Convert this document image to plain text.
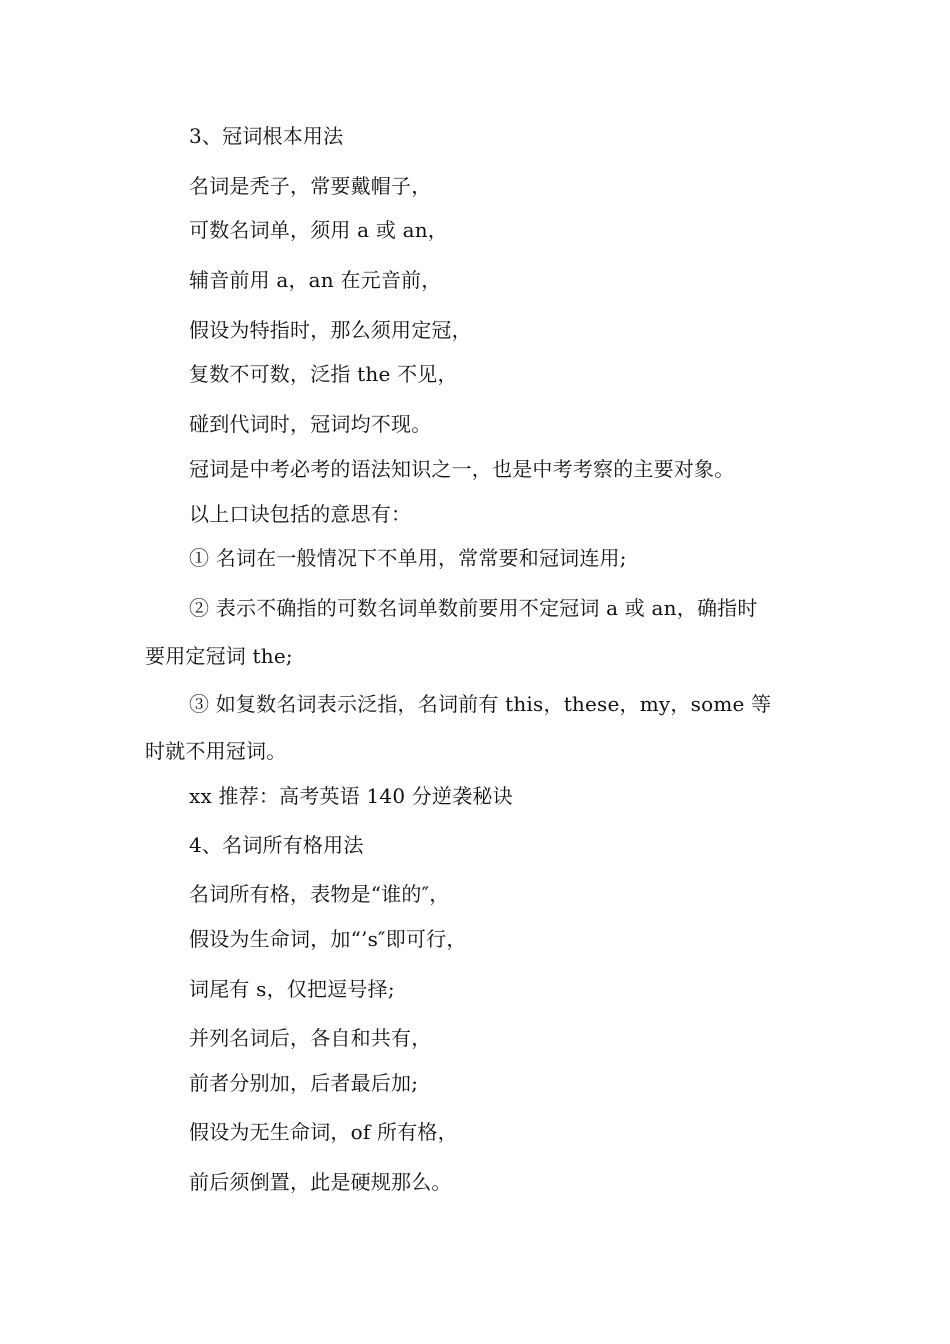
3、冠词根本用法
名词是秃子，常要戴帽子，
可数名词单，须用 a 或 an，
辅音前用 a，an 在元音前，
假设为特指时，那么须用定冠，
复数不可数，泛指 the 不见，
碰到代词时，冠词均不现。
冠词是中考必考的语法知识之一，也是中考考察的主要对象。
以上口诀包括的意思有：
① 名词在一般情况下不单用，常常要和冠词连用;
② 表示不确指的可数名词单数前要用不定冠词 a 或 an，确指时
要用定冠词 the;
③ 如复数名词表示泛指，名词前有 this，these，my，some 等
时就不用冠词。
xx 推荐：高考英语 140 分逆袭秘诀
4、名词所有格用法
名词所有格，表物是“谁的″，
假设为生命词，加“’s″即可行，
词尾有 s，仅把逗号择;
并列名词后，各自和共有，
前者分别加，后者最后加;
假设为无生命词，of 所有格，
前后须倒置，此是硬规那么。
